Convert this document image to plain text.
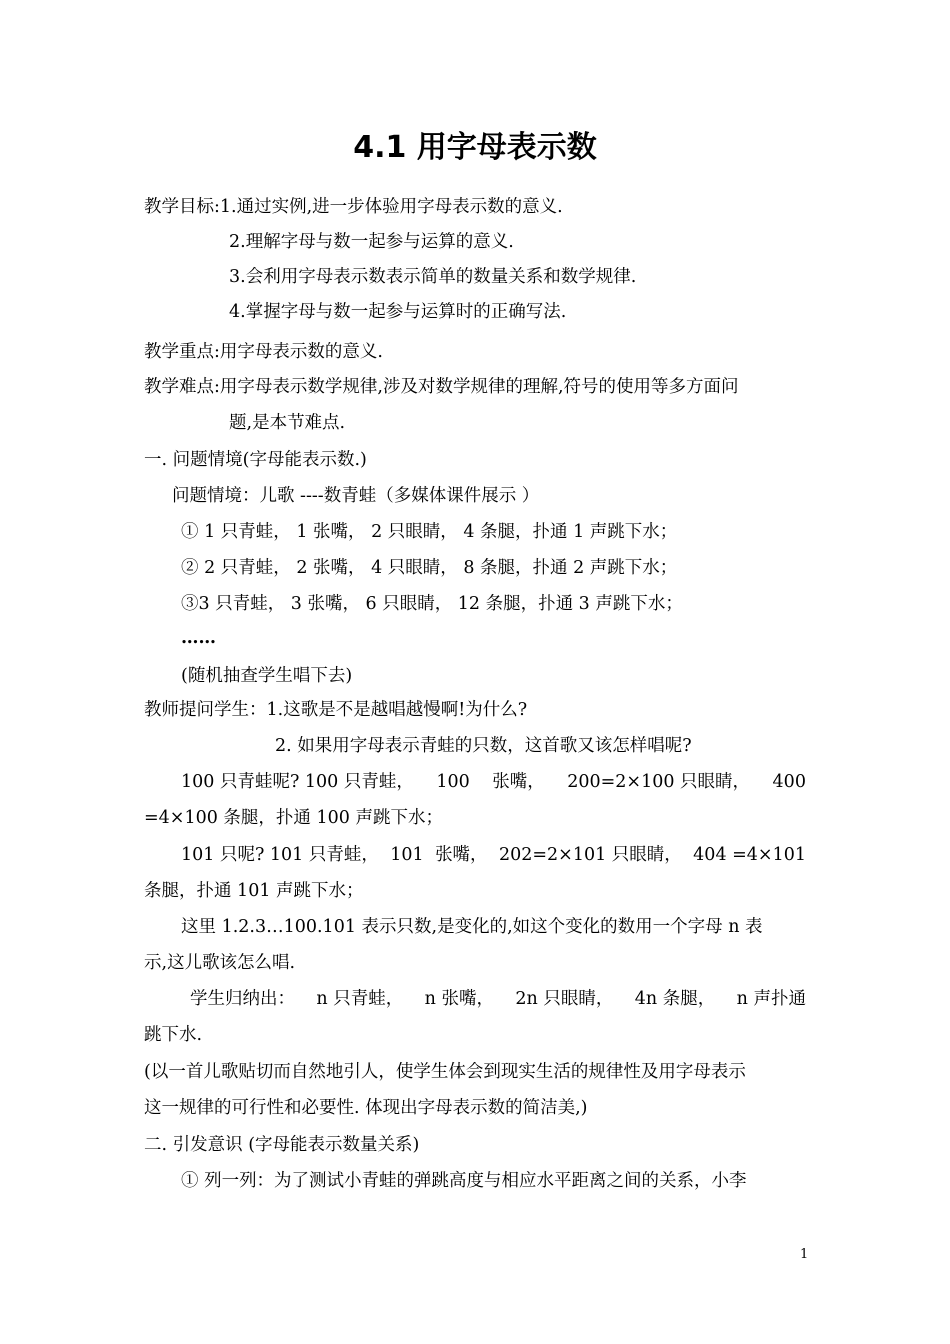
4.1 用字母表示数
教学目标:1.通过实例,进一步体验用字母表示数的意义.
2.理解字母与数一起参与运算的意义.
3.会利用字母表示数表示简单的数量关系和数学规律.
4.掌握字母与数一起参与运算时的正确写法.
教学重点:用字母表示数的意义.
教学难点:用字母表示数学规律,涉及对数学规律的理解,符号的使用等多方面问
题,是本节难点.
一. 问题情境(字母能表示数.)
问题情境：儿歌 ----数青蛙（多媒体课件展示 ）
① 1 只青蛙， 1 张嘴， 2 只眼睛， 4 条腿，扑通 1 声跳下水；
② 2 只青蛙， 2 张嘴， 4 只眼睛， 8 条腿，扑通 2 声跳下水；
③3 只青蛙， 3 张嘴， 6 只眼睛， 12 条腿，扑通 3 声跳下水；
……
(随机抽查学生唱下去)
教师提问学生：1.这歌是不是越唱越慢啊!为什么?
2. 如果用字母表示青蛙的只数，这首歌又该怎样唱呢?
100 只青蛙呢? 100 只青蛙， 100 张嘴， 200=2×100 只眼睛， 400
=4×100 条腿，扑通 100 声跳下水；
101 只呢? 101 只青蛙， 101 张嘴， 202=2×101 只眼睛， 404 =4×101
条腿，扑通 101 声跳下水；
这里 1.2.3…100.101 表示只数,是变化的,如这个变化的数用一个字母 n 表
示,这儿歌该怎么唱.
学生归纳出： n 只青蛙， n 张嘴， 2n 只眼睛， 4n 条腿， n 声扑通
跳下水.
(以一首儿歌贴切而自然地引人，使学生体会到现实生活的规律性及用字母表示
这一规律的可行性和必要性. 体现出字母表示数的简洁美,)
二. 引发意识 (字母能表示数量关系)
① 列一列：为了测试小青蛙的弹跳高度与相应水平距离之间的关系，小李
1
